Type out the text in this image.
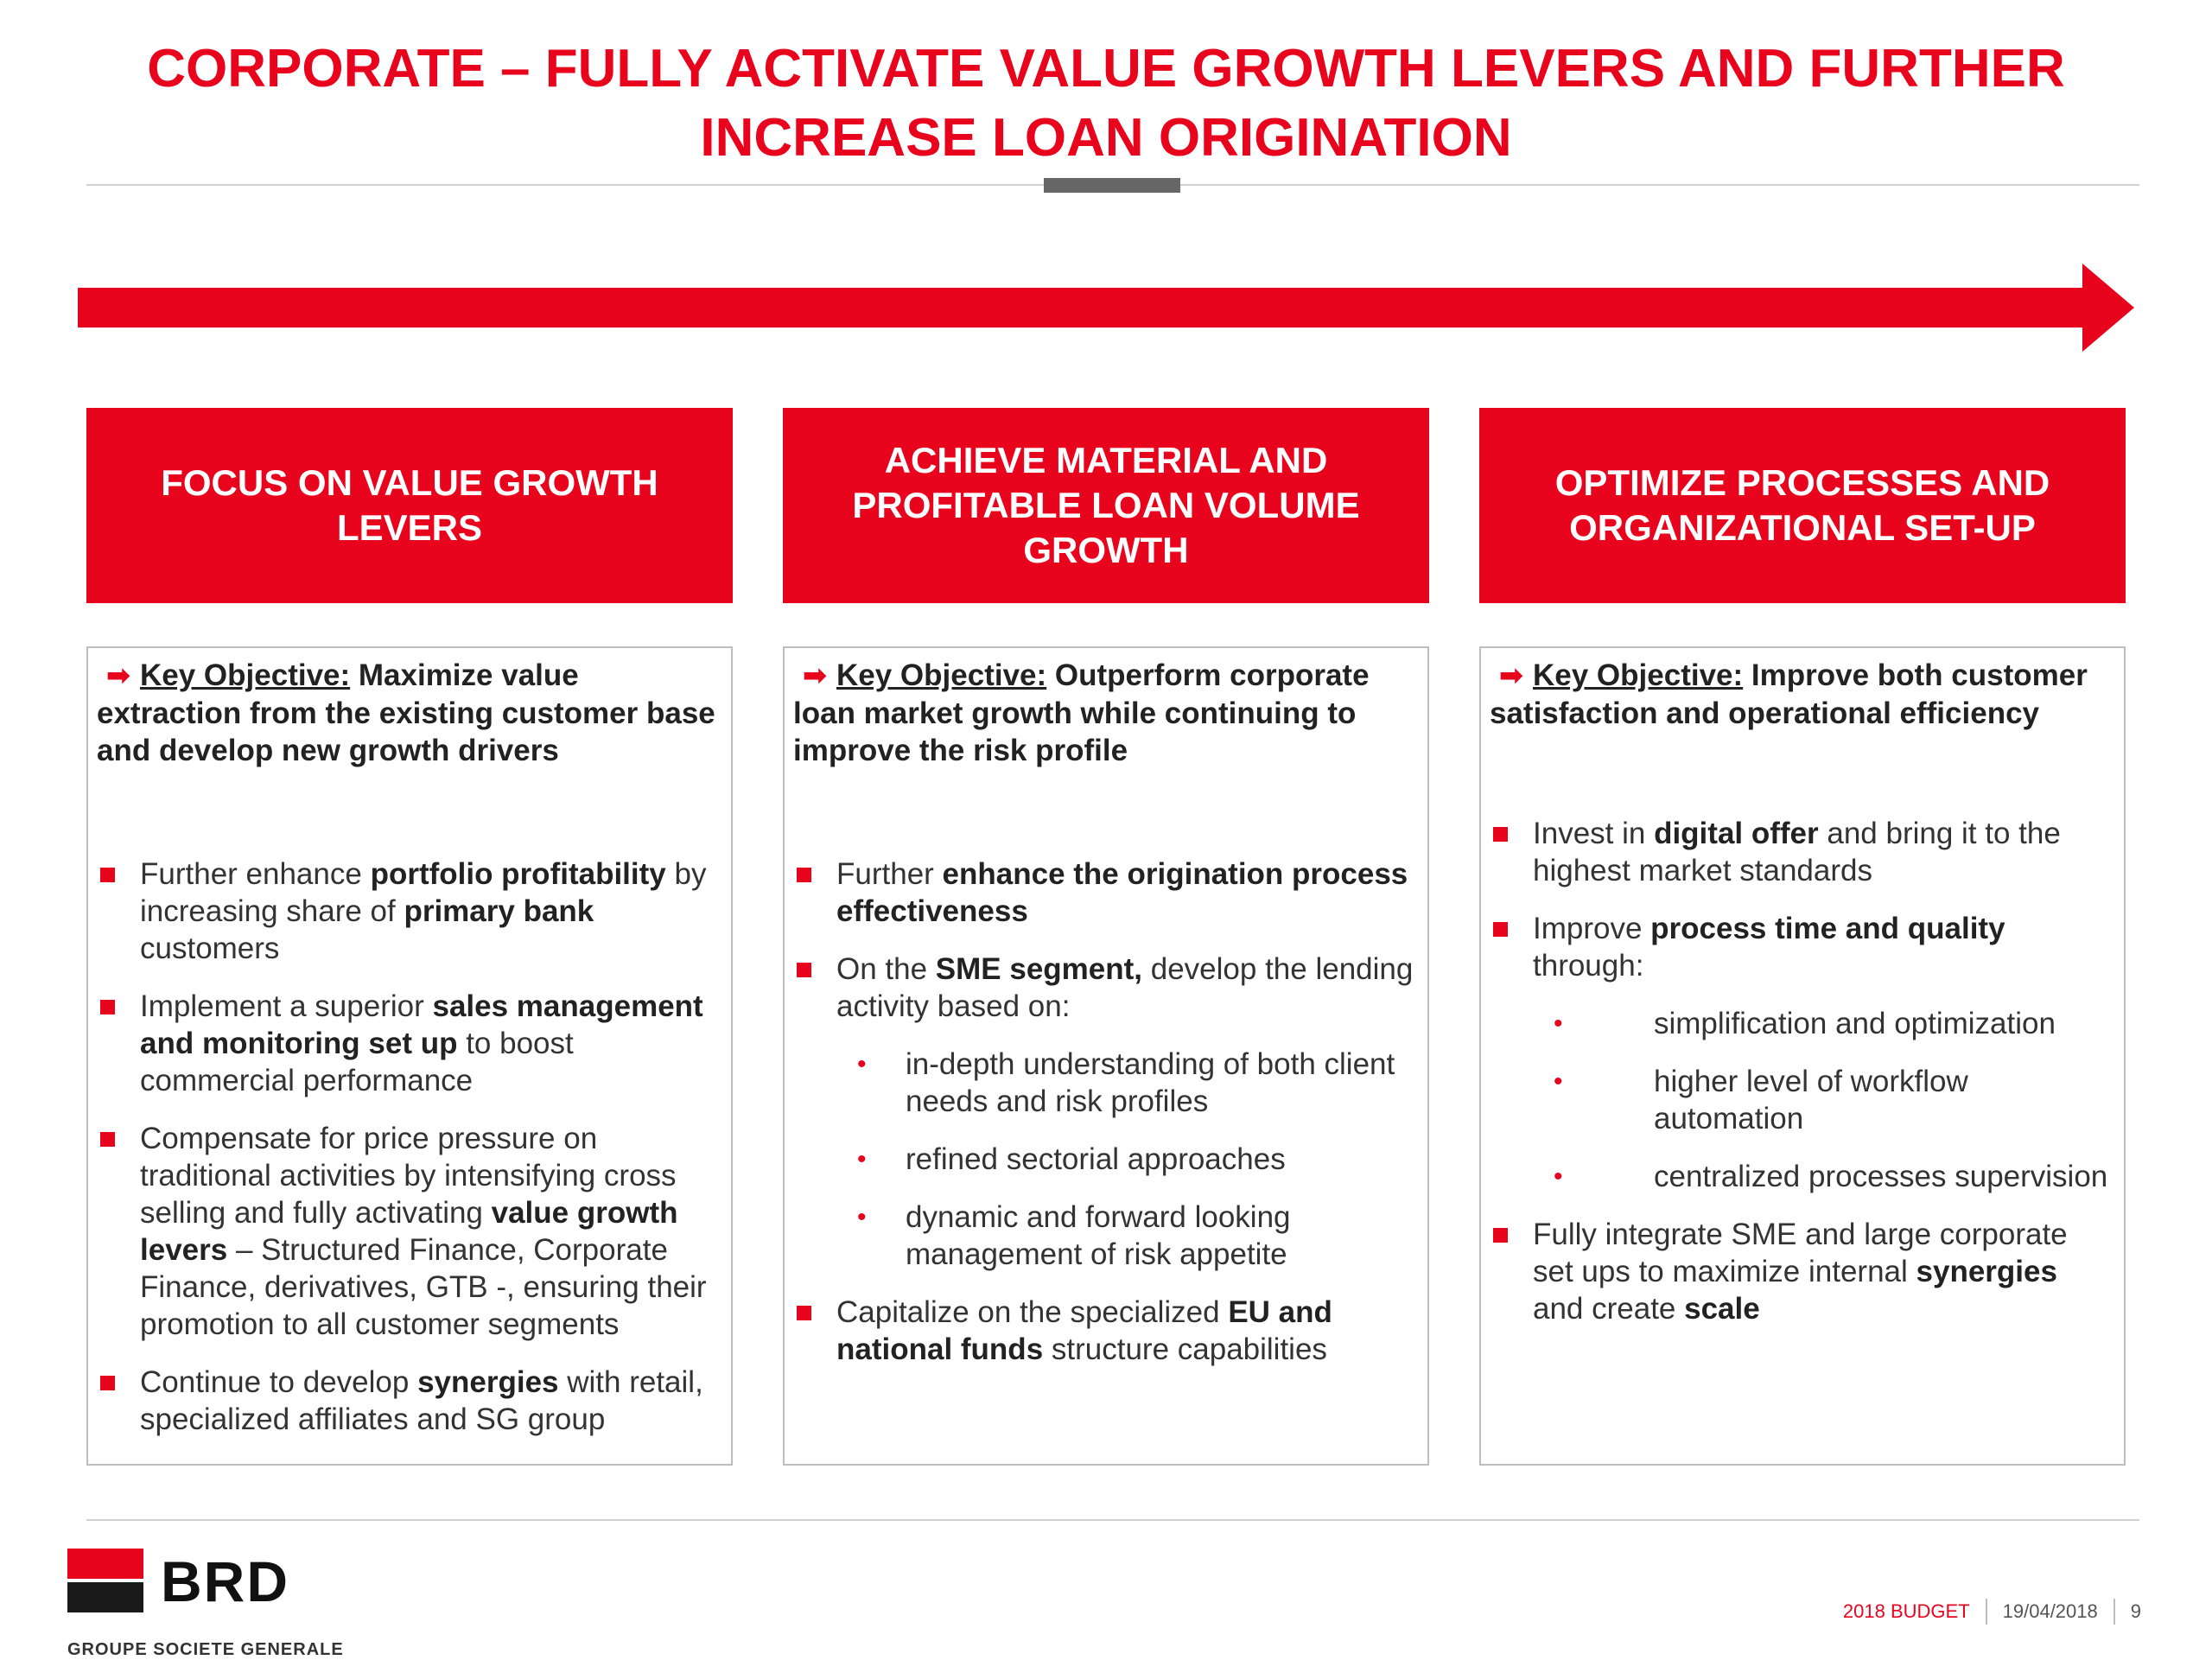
CORPORATE – FULLY ACTIVATE VALUE GROWTH LEVERS AND FURTHER
INCREASE LOAN ORIGINATION
FOCUS ON VALUE GROWTH
LEVERS

➡ Key Objective: Maximize value extraction from the existing customer base and develop new growth drivers

Further enhance portfolio profitability by increasing share of primary bank customers
Implement a superior sales management and monitoring set up to boost commercial performance
Compensate for price pressure on traditional activities by intensifying cross selling and fully activating value growth levers – Structured Finance, Corporate Finance, derivatives, GTB -, ensuring their promotion to all customer segments
Continue to develop synergies with retail, specialized affiliates and SG group
ACHIEVE MATERIAL AND
PROFITABLE LOAN VOLUME
GROWTH

➡ Key Objective: Outperform corporate loan market growth while continuing to improve the risk profile

Further enhance the origination process effectiveness
On the SME segment, develop the lending activity based on:
• in-depth understanding of both client needs and risk profiles
• refined sectorial approaches
• dynamic and forward looking management of risk appetite
Capitalize on the specialized EU and national funds structure capabilities
OPTIMIZE PROCESSES AND
ORGANIZATIONAL SET-UP

➡ Key Objective: Improve both customer satisfaction and operational efficiency

Invest in digital offer and bring it to the highest market standards
Improve process time and quality through:
• simplification and optimization
• higher level of workflow automation
• centralized processes supervision
Fully integrate SME and large corporate set ups to maximize internal synergies and create scale
BRD
GROUPE SOCIETE GENERALE
2018 BUDGET 19/04/2018 9
